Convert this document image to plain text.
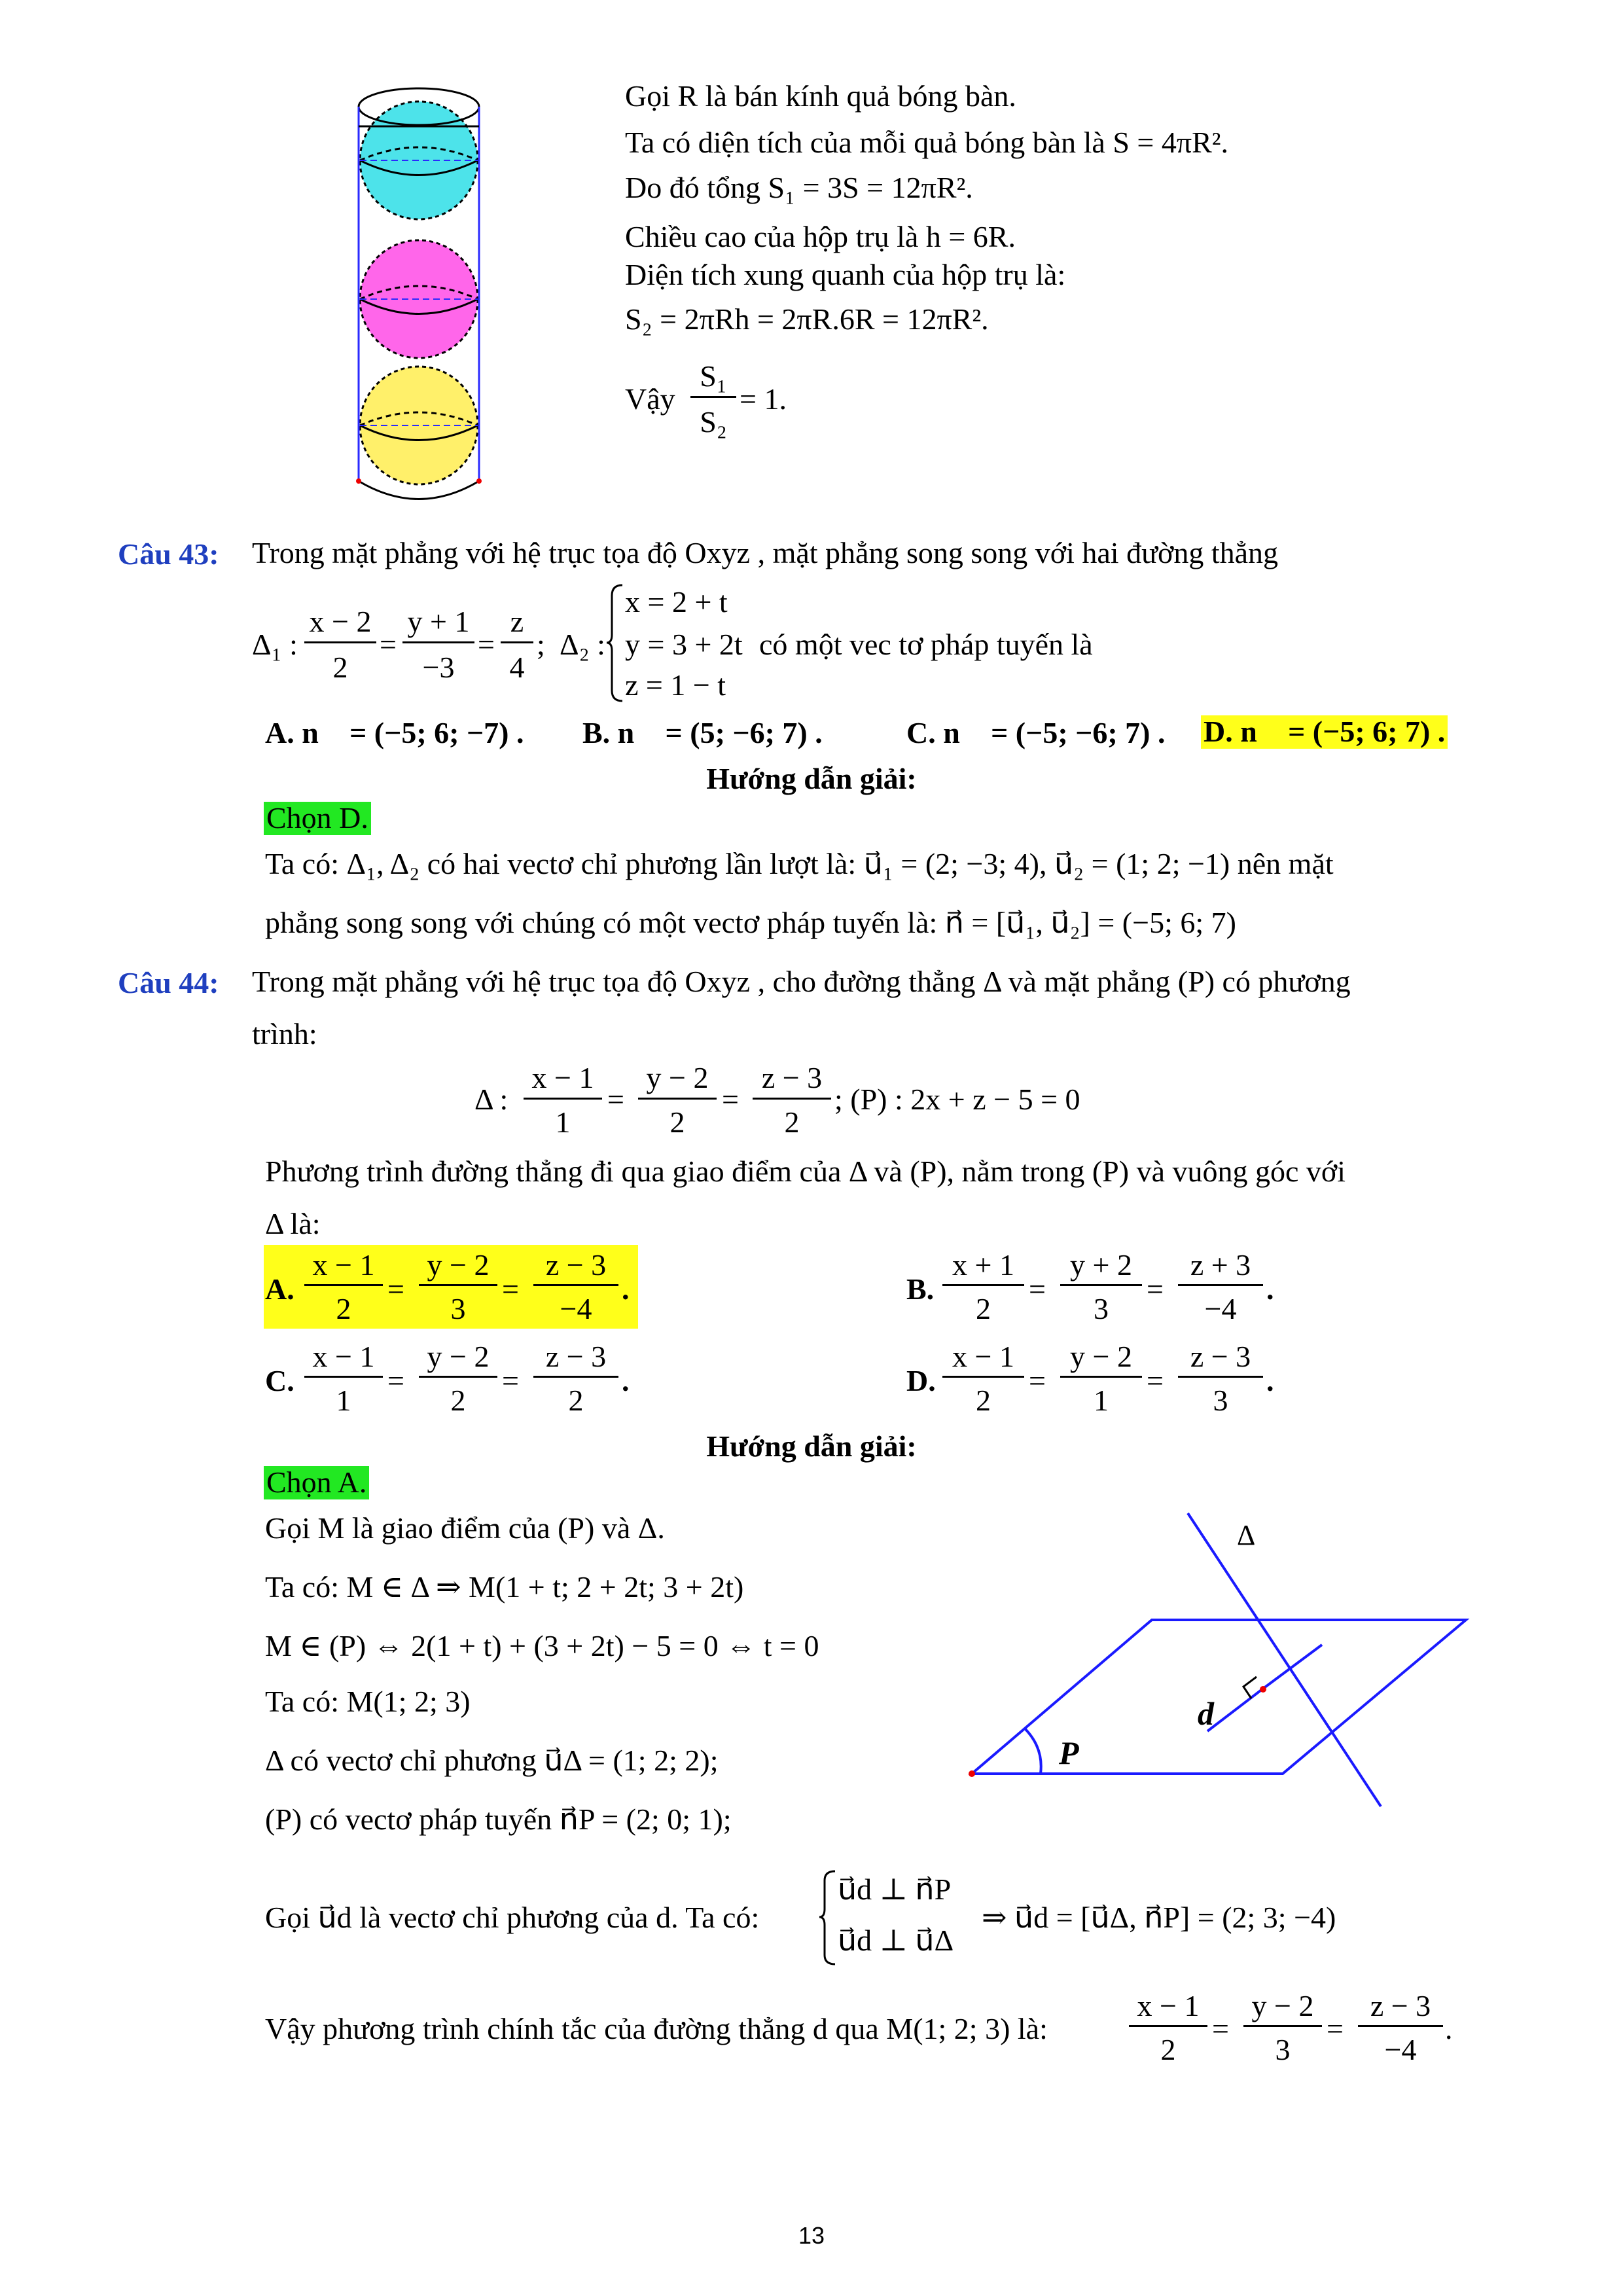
Gọi R là bán kính quả bóng bàn.
Ta có diện tích của mỗi quả bóng bàn là S = 4πR².
Do đó tổng S₁ = 3S = 12πR².
Chiều cao của hộp trụ là h = 6R.
Diện tích xung quanh của hộp trụ là:
S₂ = 2πRh = 2πR.6R = 12πR².
Vậy
S₁
S₂
= 1.
Câu 43: Trong mặt phẳng với hệ trục tọa độ Oxyz , mặt phẳng song song với hai đường thẳng
Δ₁ :
x − 2
2
=
y + 1
−3
=
z
4
; Δ₂ :
x = 2 + t
y = 3 + 2t
z = 1 − t
có một vec tơ pháp tuyến là
A. n⃗ = (−5; 6; −7) . B. n⃗ = (5; −6; 7) .	C. n⃗ = (−5; −6; 7) . D. n⃗ = (−5; 6; 7) .
Hướng dẫn giải:
Chọn D.
Ta có: Δ₁, Δ₂ có hai vectơ chỉ phương lần lượt là: u⃗₁ = (2; −3; 4), u⃗₂ = (1; 2; −1) nên mặt
phẳng song song với chúng có một vectơ pháp tuyến là: n⃗ = [u⃗₁, u⃗₂] = (−5; 6; 7)
Câu 44: Trong mặt phẳng với hệ trục tọa độ Oxyz , cho đường thẳng Δ và mặt phẳng (P) có phương
trình:
Δ :
x − 1
1
=
y − 2
2
=
z − 3
2
; (P) : 2x + z − 5 = 0
Phương trình đường thẳng đi qua giao điểm của Δ và (P), nằm trong (P) và vuông góc với
Δ là:
A.
x − 1
2
=
y − 2
3
=
z − 3
−4
.	B.
x + 1
2
=
y + 2
3
=
z + 3
−4
.
C.
x − 1
1
=
y − 2
2
=
z − 3
2
.	D.
x − 1
2
=
y − 2
1
=
z − 3
3
.
Hướng dẫn giải:
Chọn A.
Gọi M là giao điểm của (P) và Δ.
Ta có: M ∈ Δ ⇒ M(1 + t; 2 + 2t; 3 + 2t)
M ∈ (P) ⇔ 2(1 + t) + (3 + 2t) − 5 = 0 ⇔ t = 0
Ta có: M(1; 2; 3)
Δ có vectơ chỉ phương u⃗Δ = (1; 2; 2);
(P) có vectơ pháp tuyến n⃗P = (2; 0; 1);
Gọi u⃗d là vectơ chỉ phương của d. Ta có:
u⃗d ⊥ n⃗P
u⃗d ⊥ u⃗Δ
⇒ u⃗d = [u⃗Δ, n⃗P] = (2; 3; −4)
Vậy phương trình chính tắc của đường thẳng d qua M(1; 2; 3) là:
x − 1
2
=
y − 2
3
=
z − 3
−4
.
Δ
d
P
13
